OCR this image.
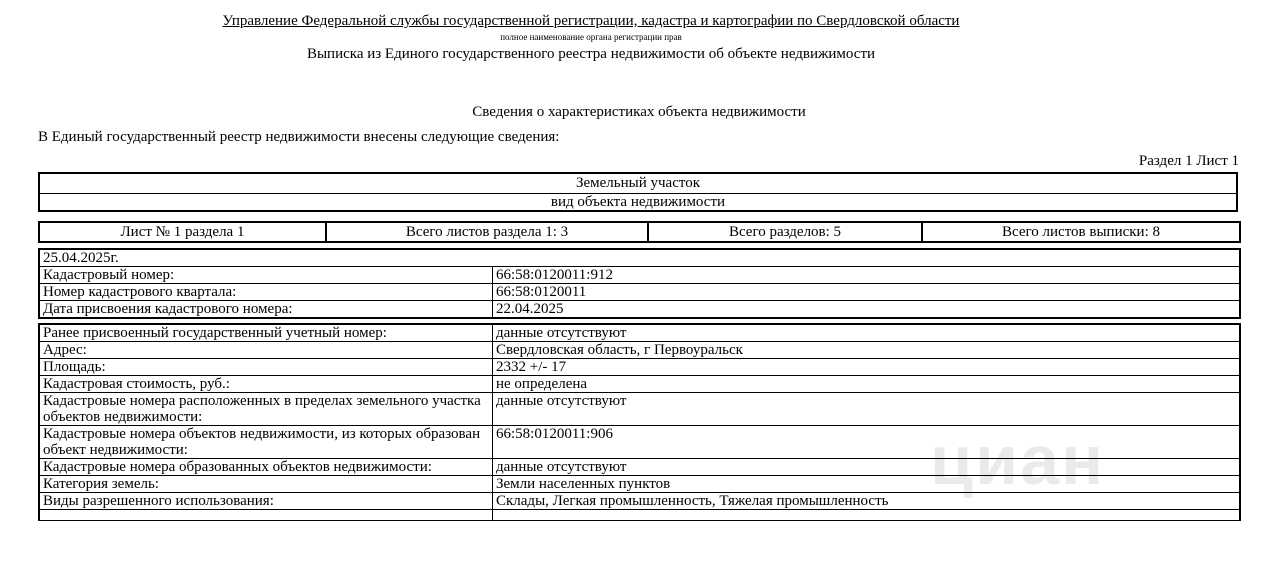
Управление Федеральной службы государственной регистрации, кадастра и картографии по Свердловской области
полное наименование органа регистрации прав
Выписка из Единого государственного реестра недвижимости об объекте недвижимости
Сведения о характеристиках объекта недвижимости
В Единый государственный реестр недвижимости внесены следующие сведения:
Раздел 1 Лист 1
Земельный участок
вид объекта недвижимости
Лист № 1 раздела 1	Всего листов раздела 1: 3	Всего разделов: 5	Всего листов выписки: 8
25.04.2025г.	
Кадастровый номер:	66:58:0120011:912
Номер кадастрового квартала:	66:58:0120011
Дата присвоения кадастрового номера:	22.04.2025

Ранее присвоенный государственный учетный номер:	данные отсутствуют
Адрес:	Свердловская область, г Первоуральск
Площадь:	2332 +/- 17
Кадастровая стоимость, руб.:	не определена
Кадастровые номера расположенных в пределах земельного участка объектов недвижимости:	данные отсутствуют
Кадастровые номера объектов недвижимости, из которых образован объект недвижимости:	66:58:0120011:906
Кадастровые номера образованных объектов недвижимости:	данные отсутствуют
Категория земель:	Земли населенных пунктов
Виды разрешенного использования:	Склады, Легкая промышленность, Тяжелая промышленность

циан
